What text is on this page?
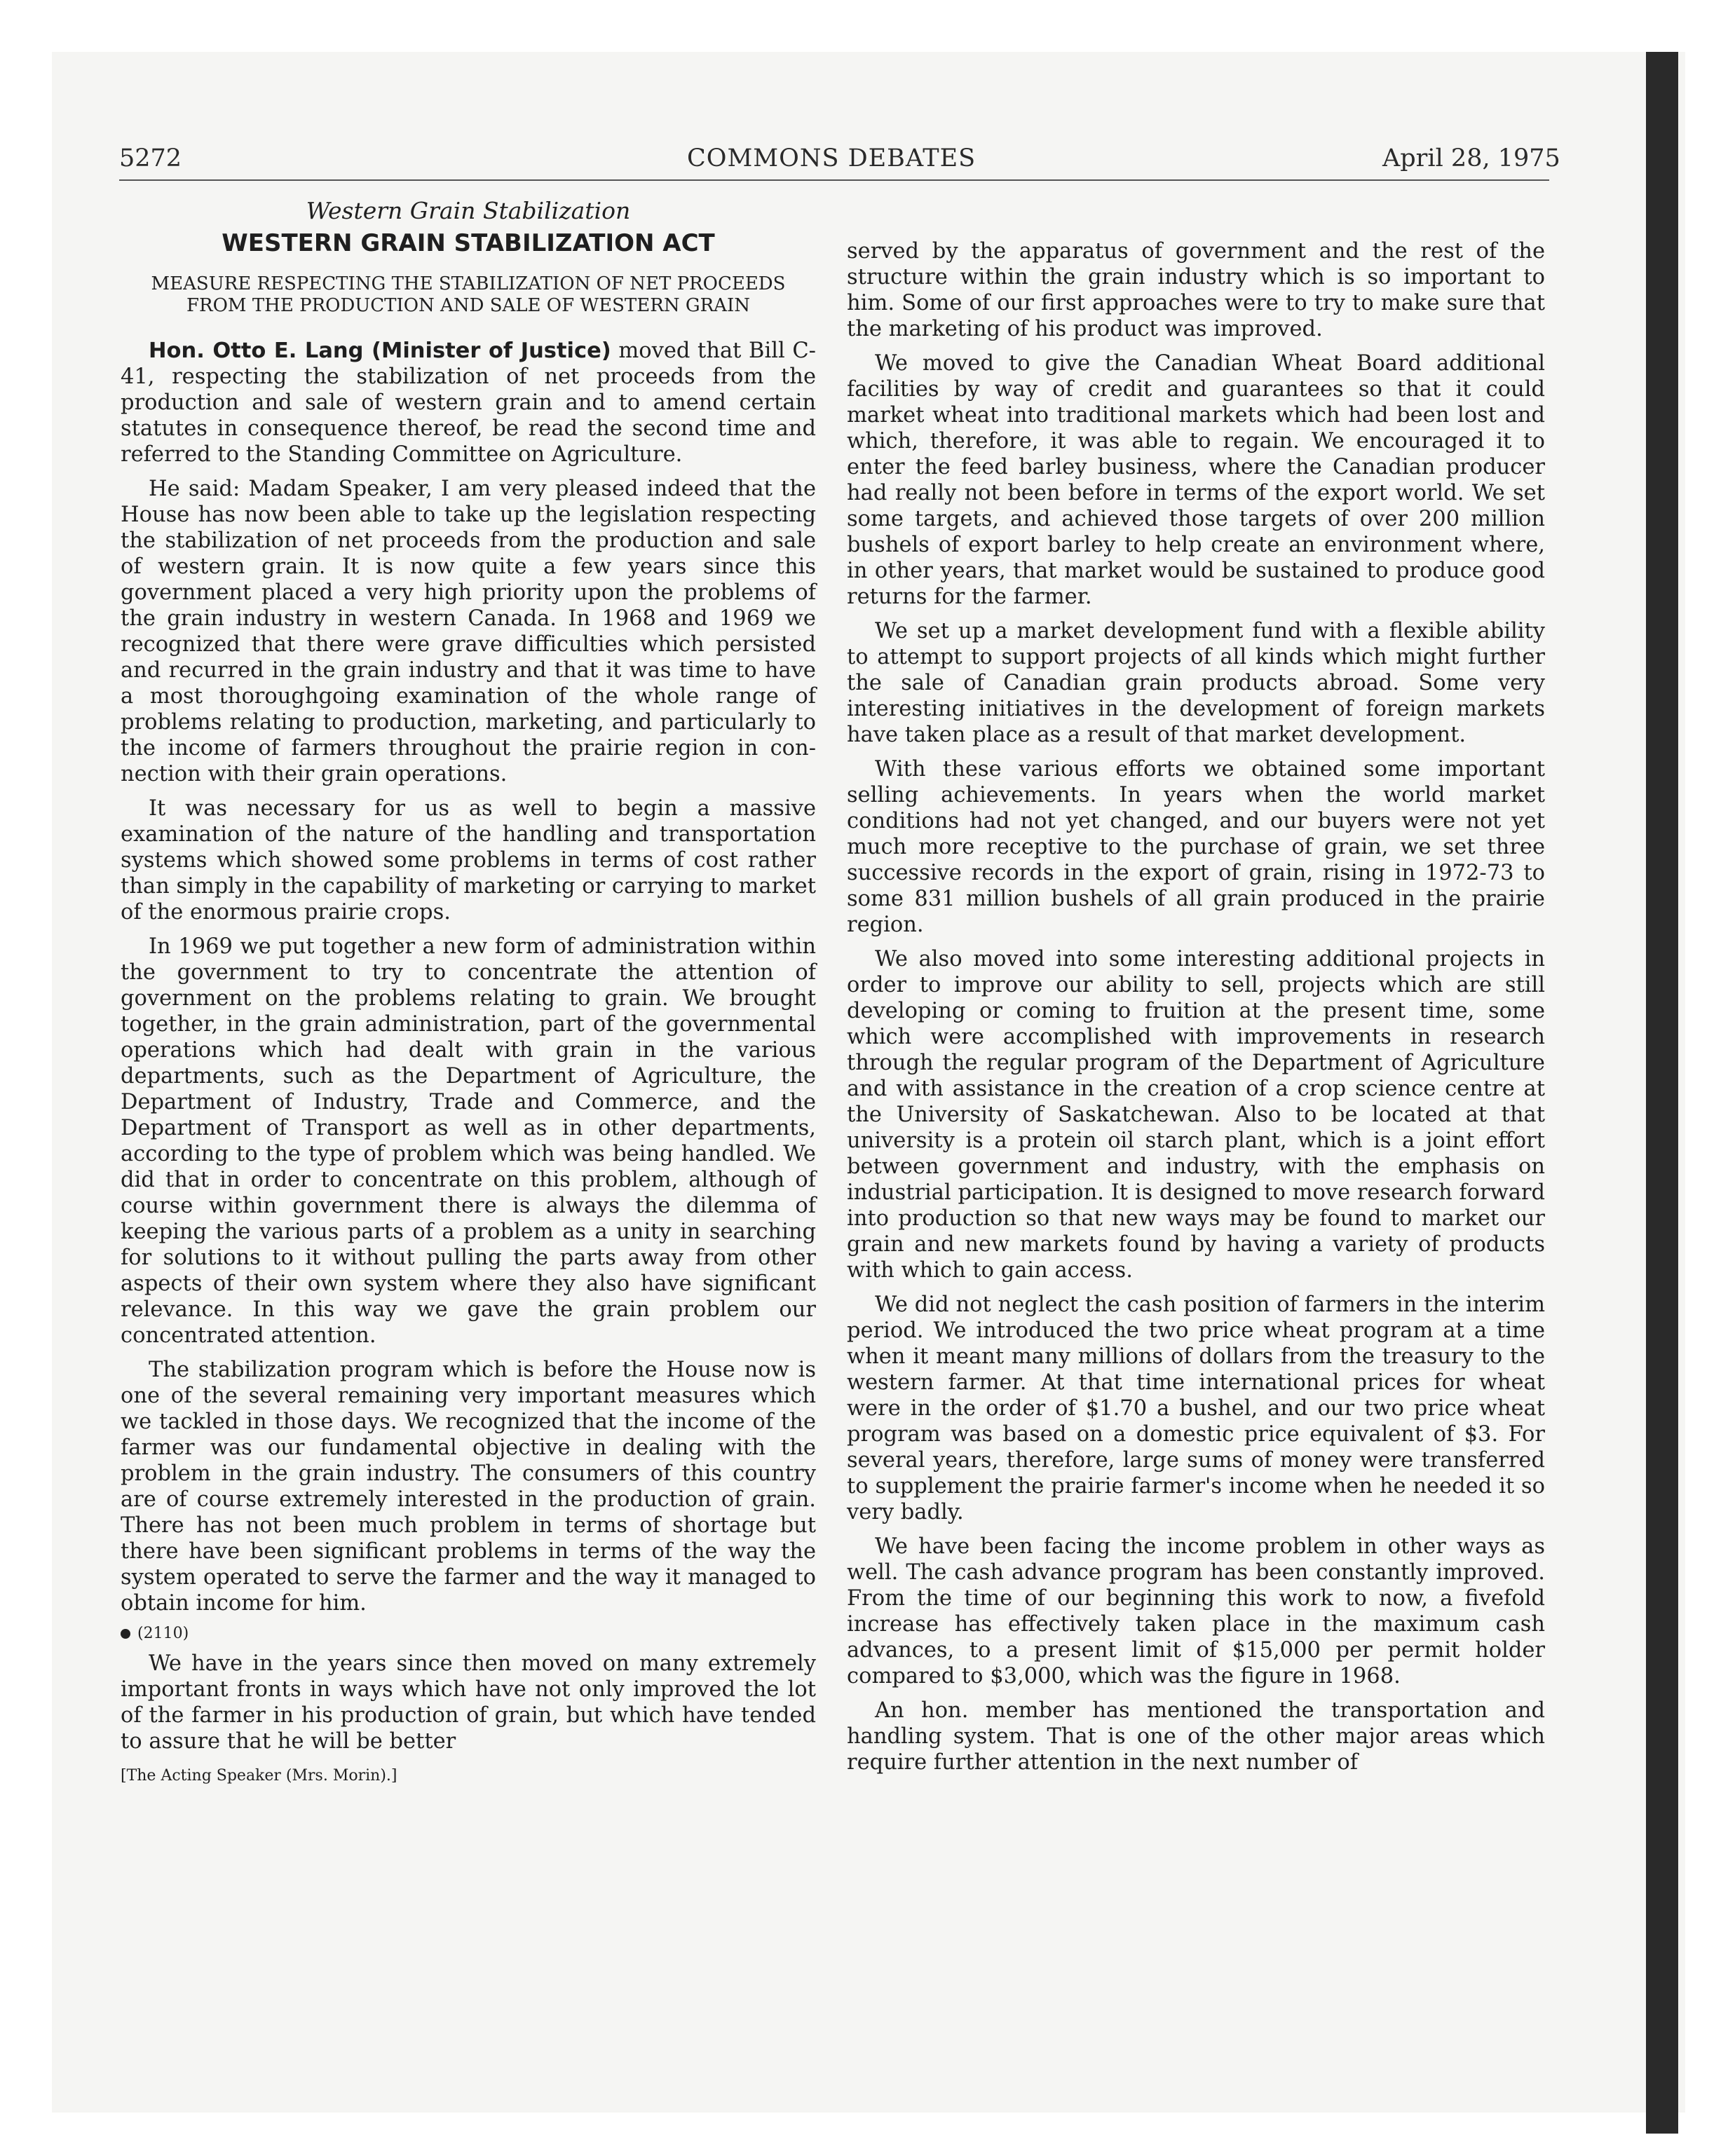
5272	COMMONS DEBATES	April 28, 1975
Western Grain Stabilization
WESTERN GRAIN STABILIZATION ACT
MEASURE RESPECTING THE STABILIZATION OF NET PROCEEDS FROM THE PRODUCTION AND SALE OF WESTERN GRAIN

Hon. Otto E. Lang (Minister of Justice) moved that Bill C-41, respecting the stabilization of net proceeds from the production and sale of western grain and to amend certain statutes in consequence thereof, be read the second time and referred to the Standing Committee on Agriculture.

He said: Madam Speaker, I am very pleased indeed that the House has now been able to take up the legislation respecting the stabilization of net proceeds from the production and sale of western grain. It is now quite a few years since this government placed a very high priority upon the problems of the grain industry in western Canada. In 1968 and 1969 we recognized that there were grave difficulties which persisted and recurred in the grain industry and that it was time to have a most thoroughgoing examination of the whole range of problems relating to production, marketing, and particularly to the income of farmers throughout the prairie region in connection with their grain operations.

It was necessary for us as well to begin a massive examination of the nature of the handling and transportation systems which showed some problems in terms of cost rather than simply in the capability of marketing or carrying to market of the enormous prairie crops.

In 1969 we put together a new form of administration within the government to try to concentrate the attention of government on the problems relating to grain. We brought together, in the grain administration, part of the governmental operations which had dealt with grain in the various departments, such as the Department of Agriculture, the Department of Industry, Trade and Commerce, and the Department of Transport as well as in other departments, according to the type of problem which was being handled. We did that in order to concentrate on this problem, although of course within government there is always the dilemma of keeping the various parts of a problem as a unity in searching for solutions to it without pulling the parts away from other aspects of their own system where they also have significant relevance. In this way we gave the grain problem our concentrated attention.

The stabilization program which is before the House now is one of the several remaining very important measures which we tackled in those days. We recognized that the income of the farmer was our fundamental objective in dealing with the problem in the grain industry. The consumers of this country are of course extremely interested in the production of grain. There has not been much problem in terms of shortage but there have been significant problems in terms of the way the system operated to serve the farmer and the way it managed to obtain income for him.

(2110)

We have in the years since then moved on many extremely important fronts in ways which have not only improved the lot of the farmer in his production of grain, but which have tended to assure that he will be better

[The Acting Speaker (Mrs. Morin).]

served by the apparatus of government and the rest of the structure within the grain industry which is so important to him. Some of our first approaches were to try to make sure that the marketing of his product was improved.

We moved to give the Canadian Wheat Board additional facilities by way of credit and guarantees so that it could market wheat into traditional markets which had been lost and which, therefore, it was able to regain. We encouraged it to enter the feed barley business, where the Canadian producer had really not been before in terms of the export world. We set some targets, and achieved those targets of over 200 million bushels of export barley to help create an environment where, in other years, that market would be sustained to produce good returns for the farmer.

We set up a market development fund with a flexible ability to attempt to support projects of all kinds which might further the sale of Canadian grain products abroad. Some very interesting initiatives in the development of foreign markets have taken place as a result of that market development.

With these various efforts we obtained some important selling achievements. In years when the world market conditions had not yet changed, and our buyers were not yet much more receptive to the purchase of grain, we set three successive records in the export of grain, rising in 1972-73 to some 831 million bushels of all grain produced in the prairie region.

We also moved into some interesting additional projects in order to improve our ability to sell, projects which are still developing or coming to fruition at the present time, some which were accomplished with improvements in research through the regular program of the Department of Agriculture and with assistance in the creation of a crop science centre at the University of Saskatchewan. Also to be located at that university is a protein oil starch plant, which is a joint effort between government and industry, with the emphasis on industrial participation. It is designed to move research forward into production so that new ways may be found to market our grain and new markets found by having a variety of products with which to gain access.

We did not neglect the cash position of farmers in the interim period. We introduced the two price wheat program at a time when it meant many millions of dollars from the treasury to the western farmer. At that time international prices for wheat were in the order of $1.70 a bushel, and our two price wheat program was based on a domestic price equivalent of $3. For several years, therefore, large sums of money were transferred to supplement the prairie farmer's income when he needed it so very badly.

We have been facing the income problem in other ways as well. The cash advance program has been constantly improved. From the time of our beginning this work to now, a fivefold increase has effectively taken place in the maximum cash advances, to a present limit of $15,000 per permit holder compared to $3,000, which was the figure in 1968.

An hon. member has mentioned the transportation and handling system. That is one of the other major areas which require further attention in the next number of
